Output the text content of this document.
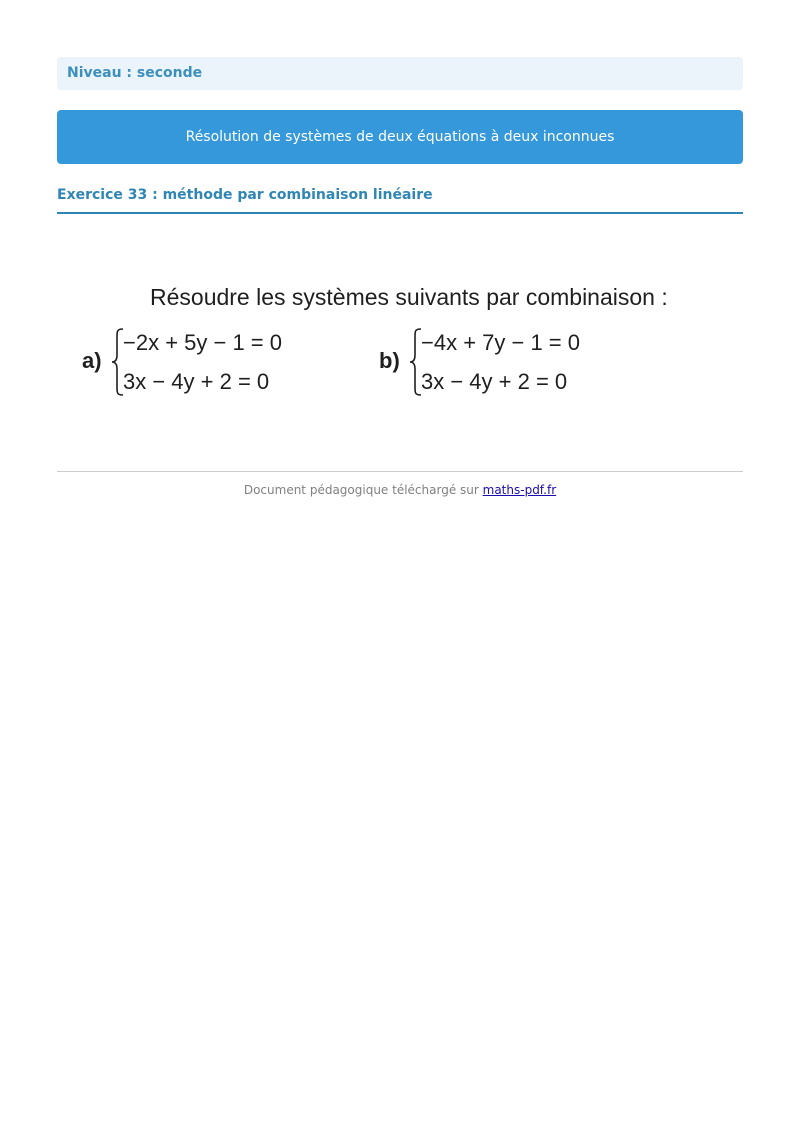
Niveau : seconde
Résolution de systèmes de deux équations à deux inconnues
Exercice 33 : méthode par combinaison linéaire
Résoudre les systèmes suivants par combinaison :
a)
−2x + 5y − 1 = 0
3x − 4y + 2 = 0
b)
−4x + 7y − 1 = 0
3x − 4y + 2 = 0
Document pédagogique téléchargé sur maths-pdf.fr
